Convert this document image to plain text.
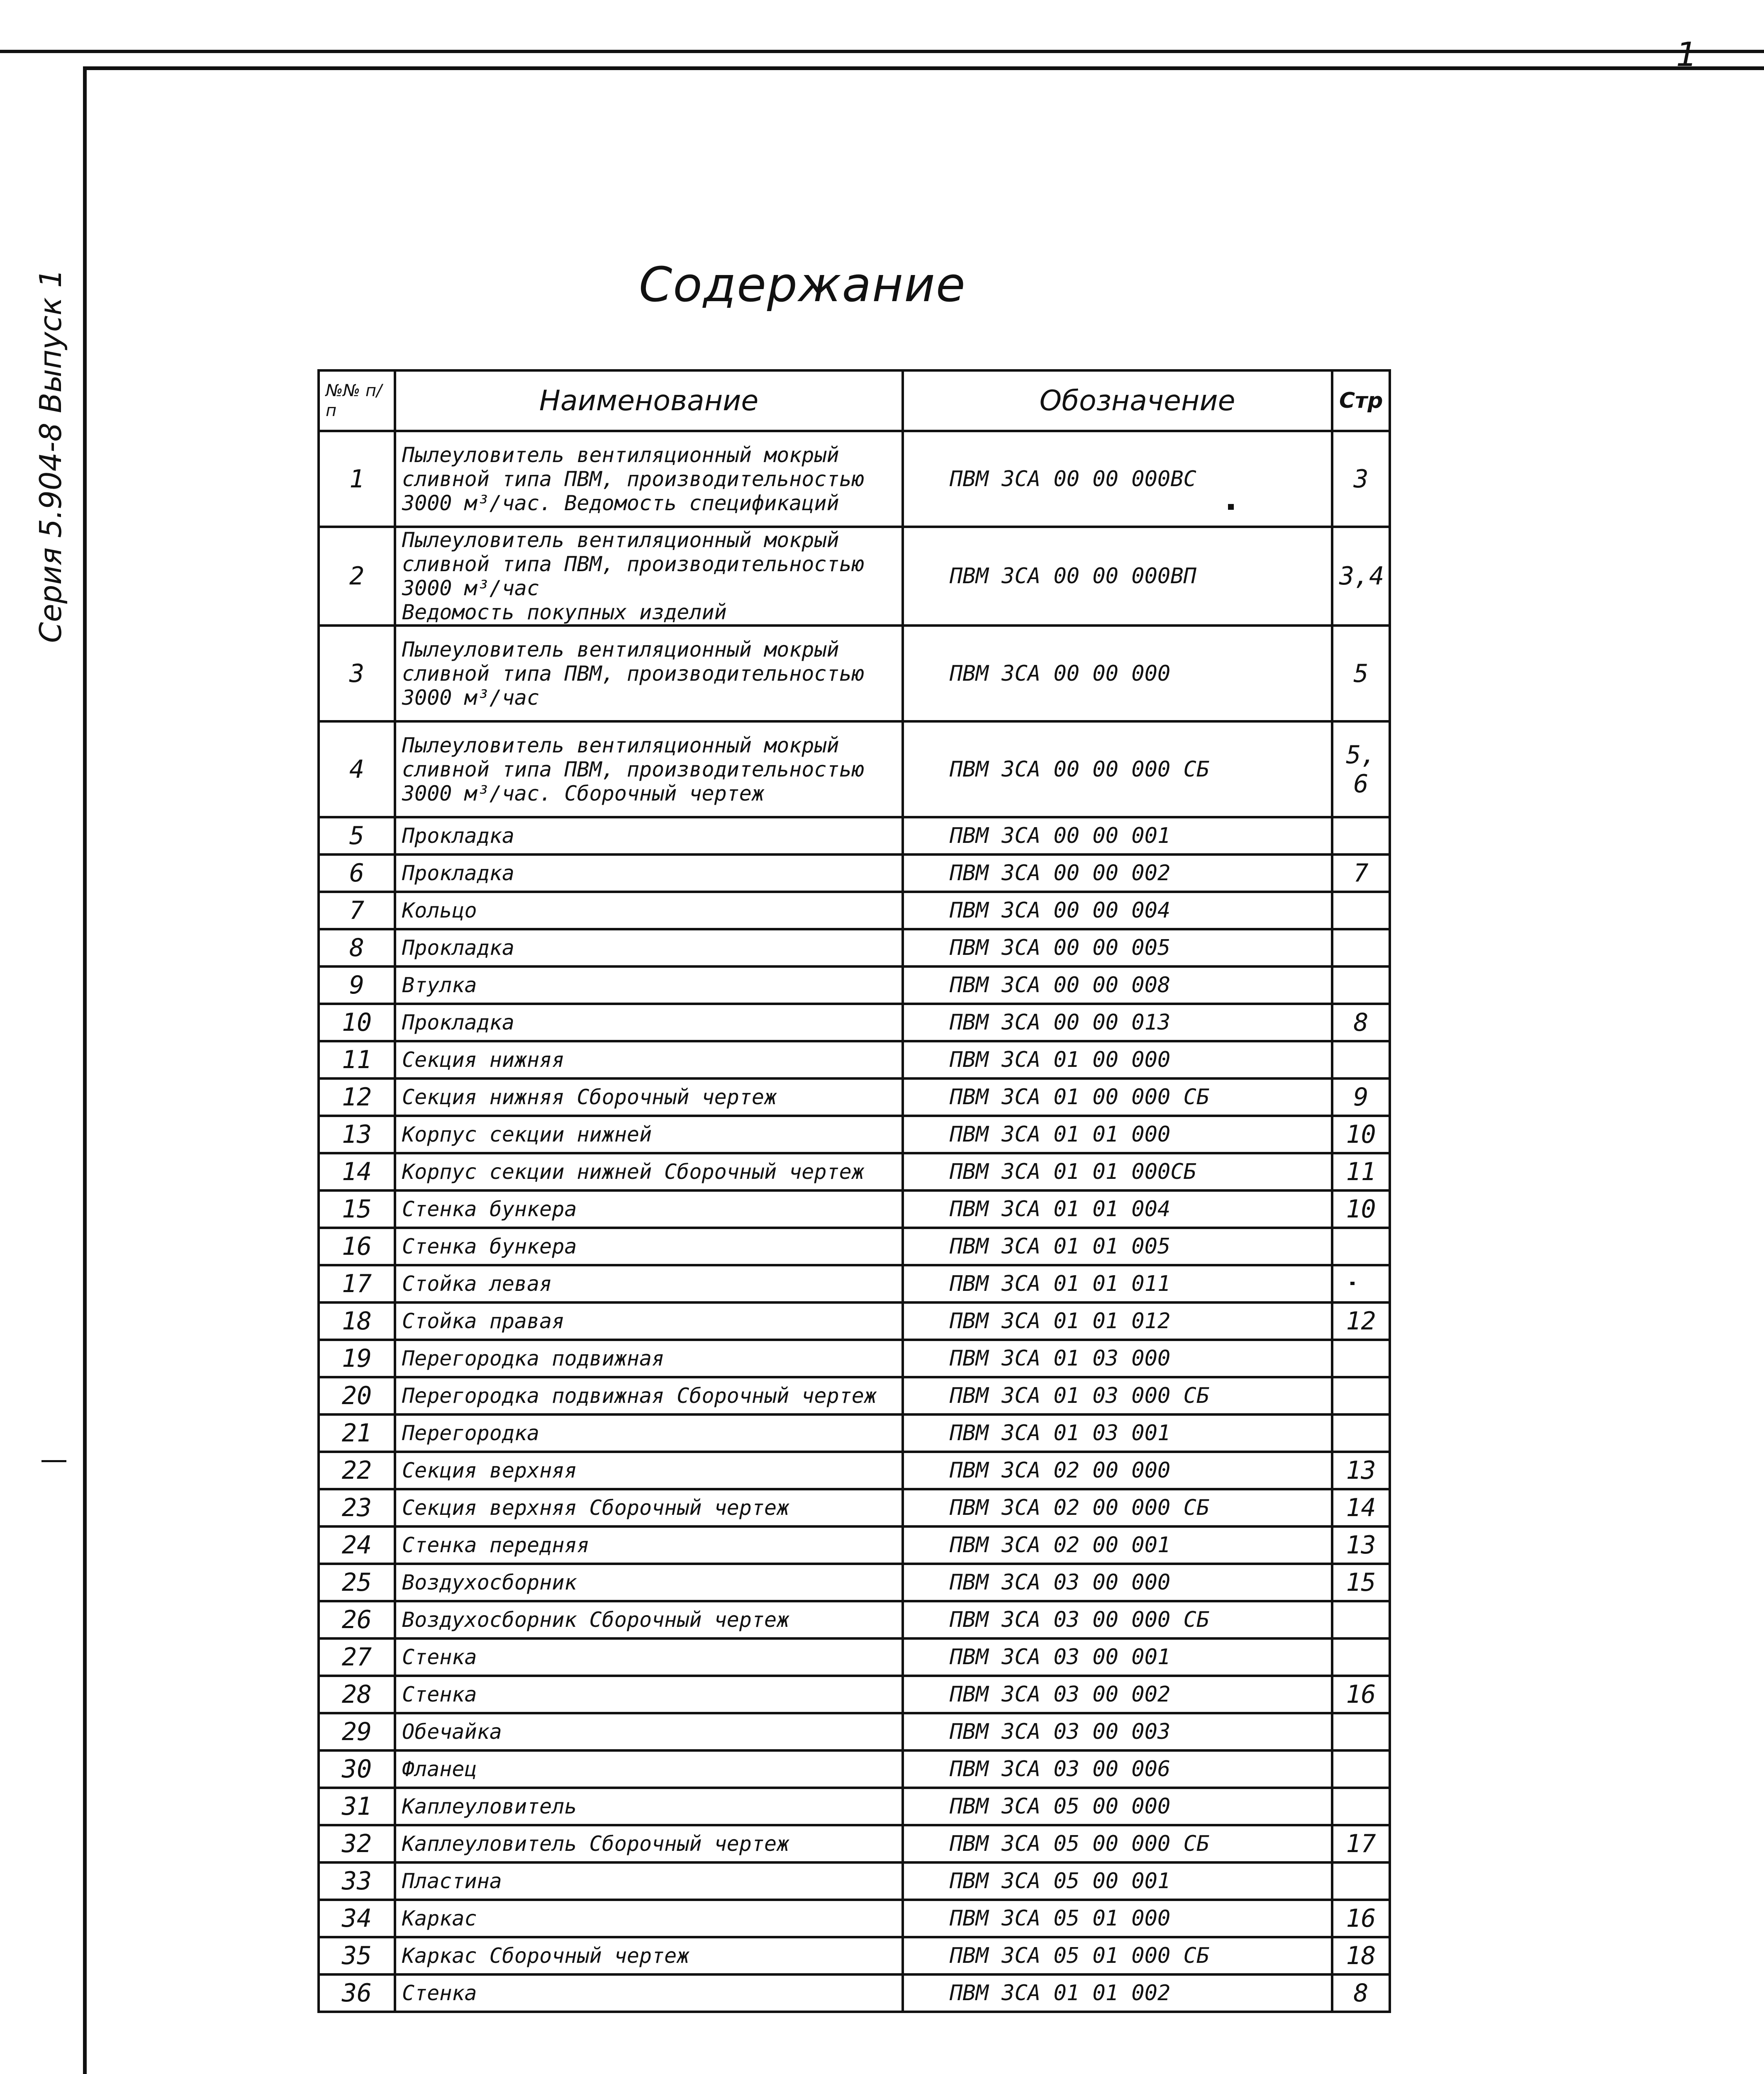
1
Серия 5.904-8 Выпуск 1	Содержание
№№ п/п	Наименование	Обозначение	Стр
1	Пылеуловитель вентиляционный мокрый сливной типа ПВМ, производительностью 3000 м³/час. Ведомость спецификаций	ПВМ 3СА 00 00 000ВС	3
2	Пылеуловитель вентиляционный мокрый сливной типа ПВМ, производительностью 3000 м³/час
Ведомость покупных изделий	ПВМ 3СА 00 00 000ВП	3,4
3	Пылеуловитель вентиляционный мокрый сливной типа ПВМ, производительностью 3000 м³/час	ПВМ 3СА 00 00 000	5
4	Пылеуловитель вентиляционный мокрый сливной типа ПВМ, производительностью 3000 м³/час. Сборочный чертеж	ПВМ 3СА 00 00 000 СБ	5, 6
5	Прокладка	ПВМ 3СА 00 00 001	
6	Прокладка	ПВМ 3СА 00 00 002	7
7	Кольцо	ПВМ 3СА 00 00 004	
8	Прокладка	ПВМ 3СА 00 00 005	
9	Втулка	ПВМ 3СА 00 00 008	
10	Прокладка	ПВМ 3СА 00 00 013	8
11	Секция нижняя	ПВМ 3СА 01 00 000	
12	Секция нижняя Сборочный чертеж	ПВМ 3СА 01 00 000 СБ	9
13	Корпус секции нижней	ПВМ 3СА 01 01 000	10
14	Корпус секции нижней Сборочный чертеж	ПВМ 3СА 01 01 000СБ	11
15	Стенка бункера	ПВМ 3СА 01 01 004	10
16	Стенка бункера	ПВМ 3СА 01 01 005	
17	Стойка левая	ПВМ 3СА 01 01 011	
18	Стойка правая	ПВМ 3СА 01 01 012	12
19	Перегородка подвижная	ПВМ 3СА 01 03 000	
20	Перегородка подвижная Сборочный чертеж	ПВМ 3СА 01 03 000 СБ	
21	Перегородка	ПВМ 3СА 01 03 001	
22	Секция верхняя	ПВМ 3СА 02 00 000	13
23	Секция верхняя Сборочный чертеж	ПВМ 3СА 02 00 000 СБ	14
24	Стенка передняя	ПВМ 3СА 02 00 001	13
25	Воздухосборник	ПВМ 3СА 03 00 000	15
26	Воздухосборник Сборочный чертеж	ПВМ 3СА 03 00 000 СБ	
27	Стенка	ПВМ 3СА 03 00 001	
28	Стенка	ПВМ 3СА 03 00 002	16
29	Обечайка	ПВМ 3СА 03 00 003	
30	Фланец	ПВМ 3СА 03 00 006	
31	Каплеуловитель	ПВМ 3СА 05 00 000	
32	Каплеуловитель Сборочный чертеж	ПВМ 3СА 05 00 000 СБ	17
33	Пластина	ПВМ 3СА 05 00 001	
34	Каркас	ПВМ 3СА 05 01 000	16
35	Каркас Сборочный чертеж	ПВМ 3СА 05 01 000 СБ	18
36	Стенка	ПВМ 3СА 01 01 002	8
